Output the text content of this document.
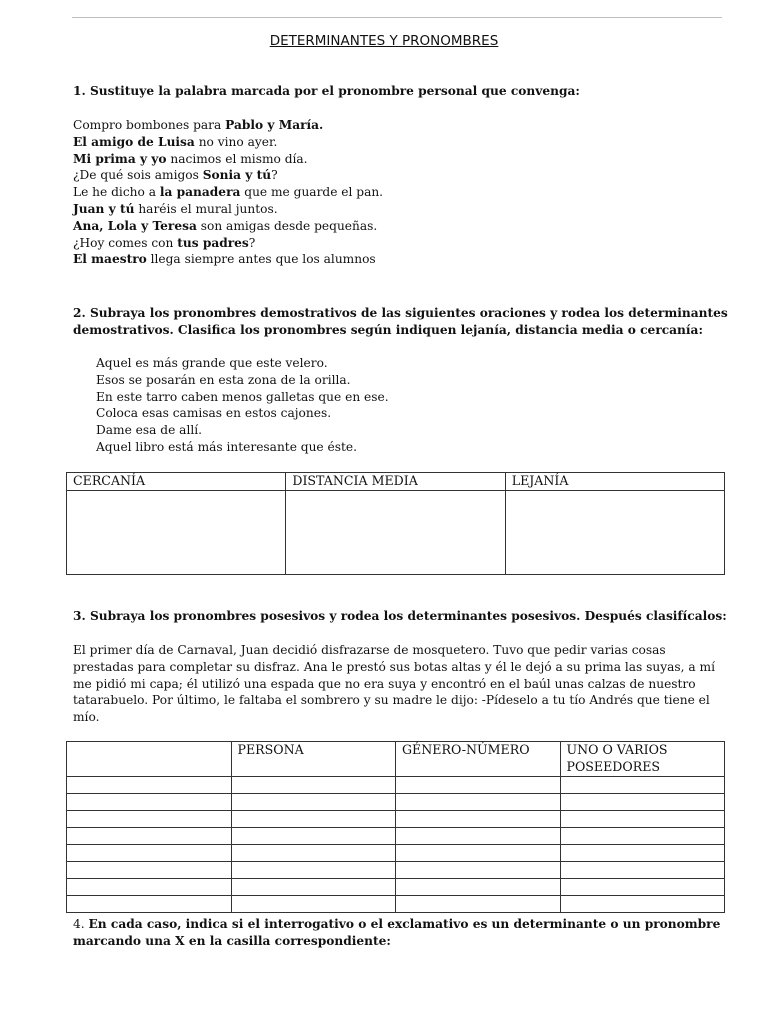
DETERMINANTES Y PRONOMBRES
1. Sustituye la palabra marcada por el pronombre personal que convenga:
Compro bombones para Pablo y María.
El amigo de Luisa no vino ayer.
Mi prima y yo nacimos el mismo día.
¿De qué sois amigos Sonia y tú?
Le he dicho a la panadera que me guarde el pan.
Juan y tú haréis el mural juntos.
Ana, Lola y Teresa son amigas desde pequeñas.
¿Hoy comes con tus padres?
El maestro llega siempre antes que los alumnos
2. Subraya los pronombres demostrativos de las siguientes oraciones y rodea los determinantes demostrativos. Clasifica los pronombres según indiquen lejanía, distancia media o cercanía:
Aquel es más grande que este velero.
Esos se posarán en esta zona de la orilla.
En este tarro caben menos galletas que en ese.
Coloca esas camisas en estos cajones.
Dame esa de allí.
Aquel libro está más interesante que éste.
CERCANÍA	DISTANCIA MEDIA	LEJANÍA

3. Subraya los pronombres posesivos y rodea los determinantes posesivos. Después clasifícalos:
El primer día de Carnaval, Juan decidió disfrazarse de mosquetero. Tuvo que pedir varias cosas prestadas para completar su disfraz. Ana le prestó sus botas altas y él le dejó a su prima las suyas, a mí me pidió mi capa; él utilizó una espada que no era suya y encontró en el baúl unas calzas de nuestro tatarabuelo. Por último, le faltaba el sombrero y su madre le dijo: -Pídeselo a tu tío Andrés que tiene el mío.
	PERSONA	GÉNERO-NÚMERO	UNO O VARIOS POSEEDORES

4. En cada caso, indica si el interrogativo o el exclamativo es un determinante o un pronombre marcando una X en la casilla correspondiente:
